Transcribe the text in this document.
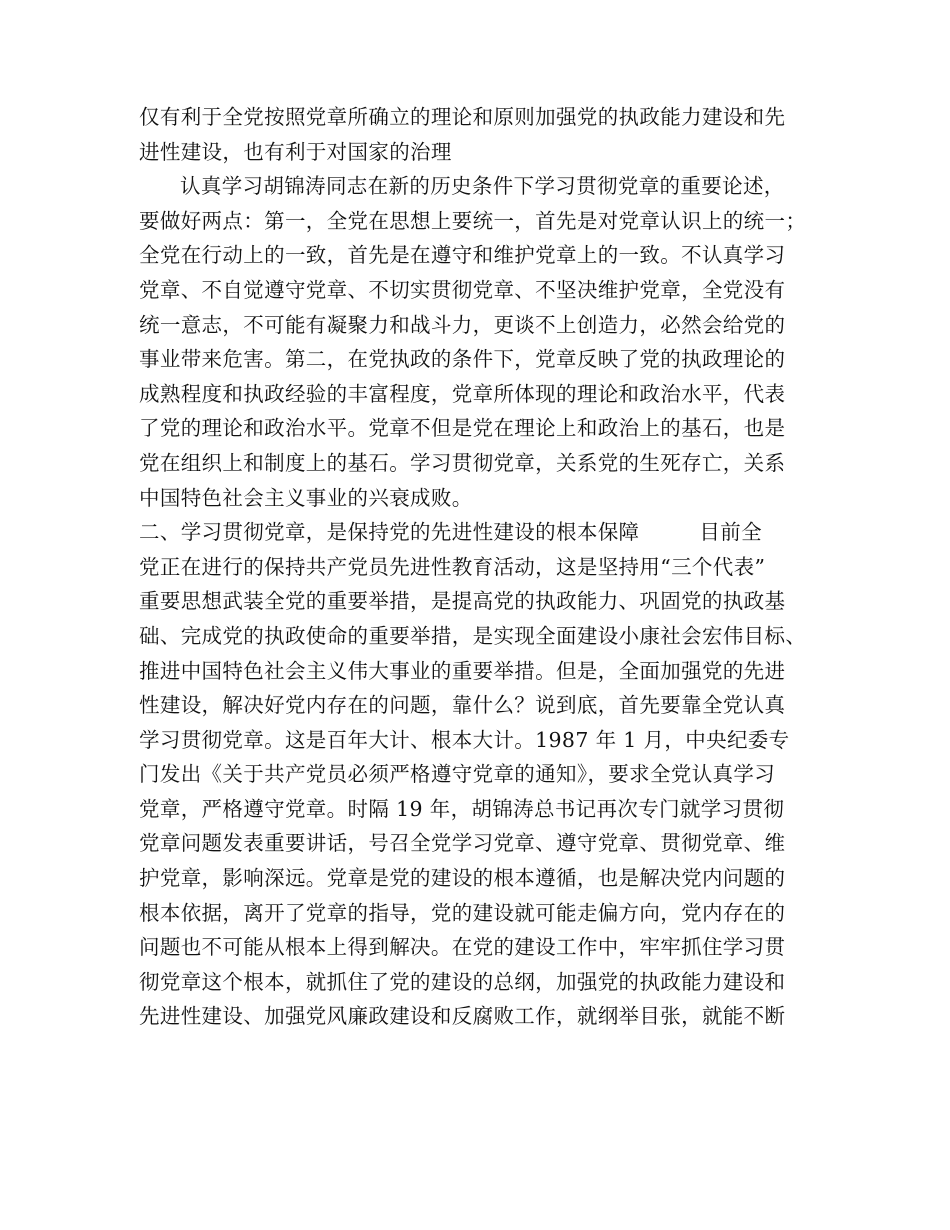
仅有利于全党按照党章所确立的理论和原则加强党的执政能力建设和先
进性建设，也有利于对国家的治理
认真学习胡锦涛同志在新的历史条件下学习贯彻党章的重要论述，
要做好两点：第一，全党在思想上要统一，首先是对党章认识上的统一；
全党在行动上的一致，首先是在遵守和维护党章上的一致。不认真学习
党章、不自觉遵守党章、不切实贯彻党章、不坚决维护党章，全党没有
统一意志，不可能有凝聚力和战斗力，更谈不上创造力，必然会给党的
事业带来危害。第二，在党执政的条件下，党章反映了党的执政理论的
成熟程度和执政经验的丰富程度，党章所体现的理论和政治水平，代表
了党的理论和政治水平。党章不但是党在理论上和政治上的基石，也是
党在组织上和制度上的基石。学习贯彻党章，关系党的生死存亡，关系
中国特色社会主义事业的兴衰成败。
二、学习贯彻党章，是保持党的先进性建设的根本保障	目前全
党正在进行的保持共产党员先进性教育活动，这是坚持用“三个代表”
重要思想武装全党的重要举措，是提高党的执政能力、巩固党的执政基
础、完成党的执政使命的重要举措，是实现全面建设小康社会宏伟目标、
推进中国特色社会主义伟大事业的重要举措。但是，全面加强党的先进
性建设，解决好党内存在的问题，靠什么？说到底，首先要靠全党认真
学习贯彻党章。这是百年大计、根本大计。1987 年 1 月，中央纪委专
门发出《关于共产党员必须严格遵守党章的通知》，要求全党认真学习
党章，严格遵守党章。时隔 19 年，胡锦涛总书记再次专门就学习贯彻
党章问题发表重要讲话，号召全党学习党章、遵守党章、贯彻党章、维
护党章，影响深远。党章是党的建设的根本遵循，也是解决党内问题的
根本依据，离开了党章的指导，党的建设就可能走偏方向，党内存在的
问题也不可能从根本上得到解决。在党的建设工作中，牢牢抓住学习贯
彻党章这个根本，就抓住了党的建设的总纲，加强党的执政能力建设和
先进性建设、加强党风廉政建设和反腐败工作，就纲举目张，就能不断
